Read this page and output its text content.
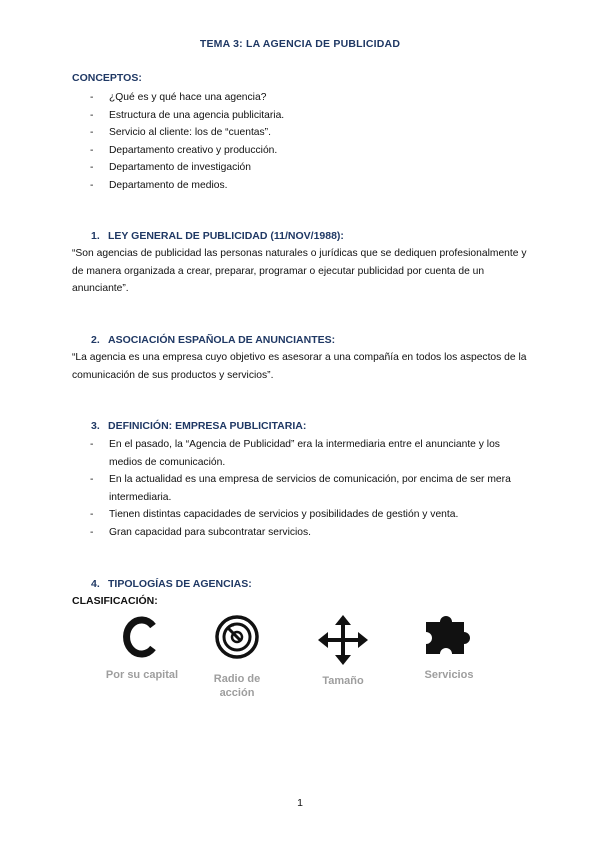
TEMA 3: LA AGENCIA DE PUBLICIDAD
CONCEPTOS:
- ¿Qué es y qué hace una agencia?
- Estructura de una agencia publicitaria.
- Servicio al cliente: los de “cuentas”.
- Departamento creativo y producción.
- Departamento de investigación
- Departamento de medios.
1. LEY GENERAL DE PUBLICIDAD (11/NOV/1988):
“Son agencias de publicidad las personas naturales o jurídicas que se dediquen profesionalmente y de manera organizada a crear, preparar, programar o ejecutar publicidad por cuenta de un anunciante”.
2. ASOCIACIÓN ESPAÑOLA DE ANUNCIANTES:
“La agencia es una empresa cuyo objetivo es asesorar a una compañía en todos los aspectos de la comunicación de sus productos y servicios”.
3. DEFINICIÓN: EMPRESA PUBLICITARIA:
- En el pasado, la “Agencia de Publicidad” era la intermediaria entre el anunciante y los medios de comunicación.
- En la actualidad es una empresa de servicios de comunicación, por encima de ser mera intermediaria.
- Tienen distintas capacidades de servicios y posibilidades de gestión y venta.
- Gran capacidad para subcontratar servicios.
4. TIPOLOGÍAS DE AGENCIAS:
CLASIFICACIÓN:
Por su capital	Radio de acción
Tamaño	Servicios
1
